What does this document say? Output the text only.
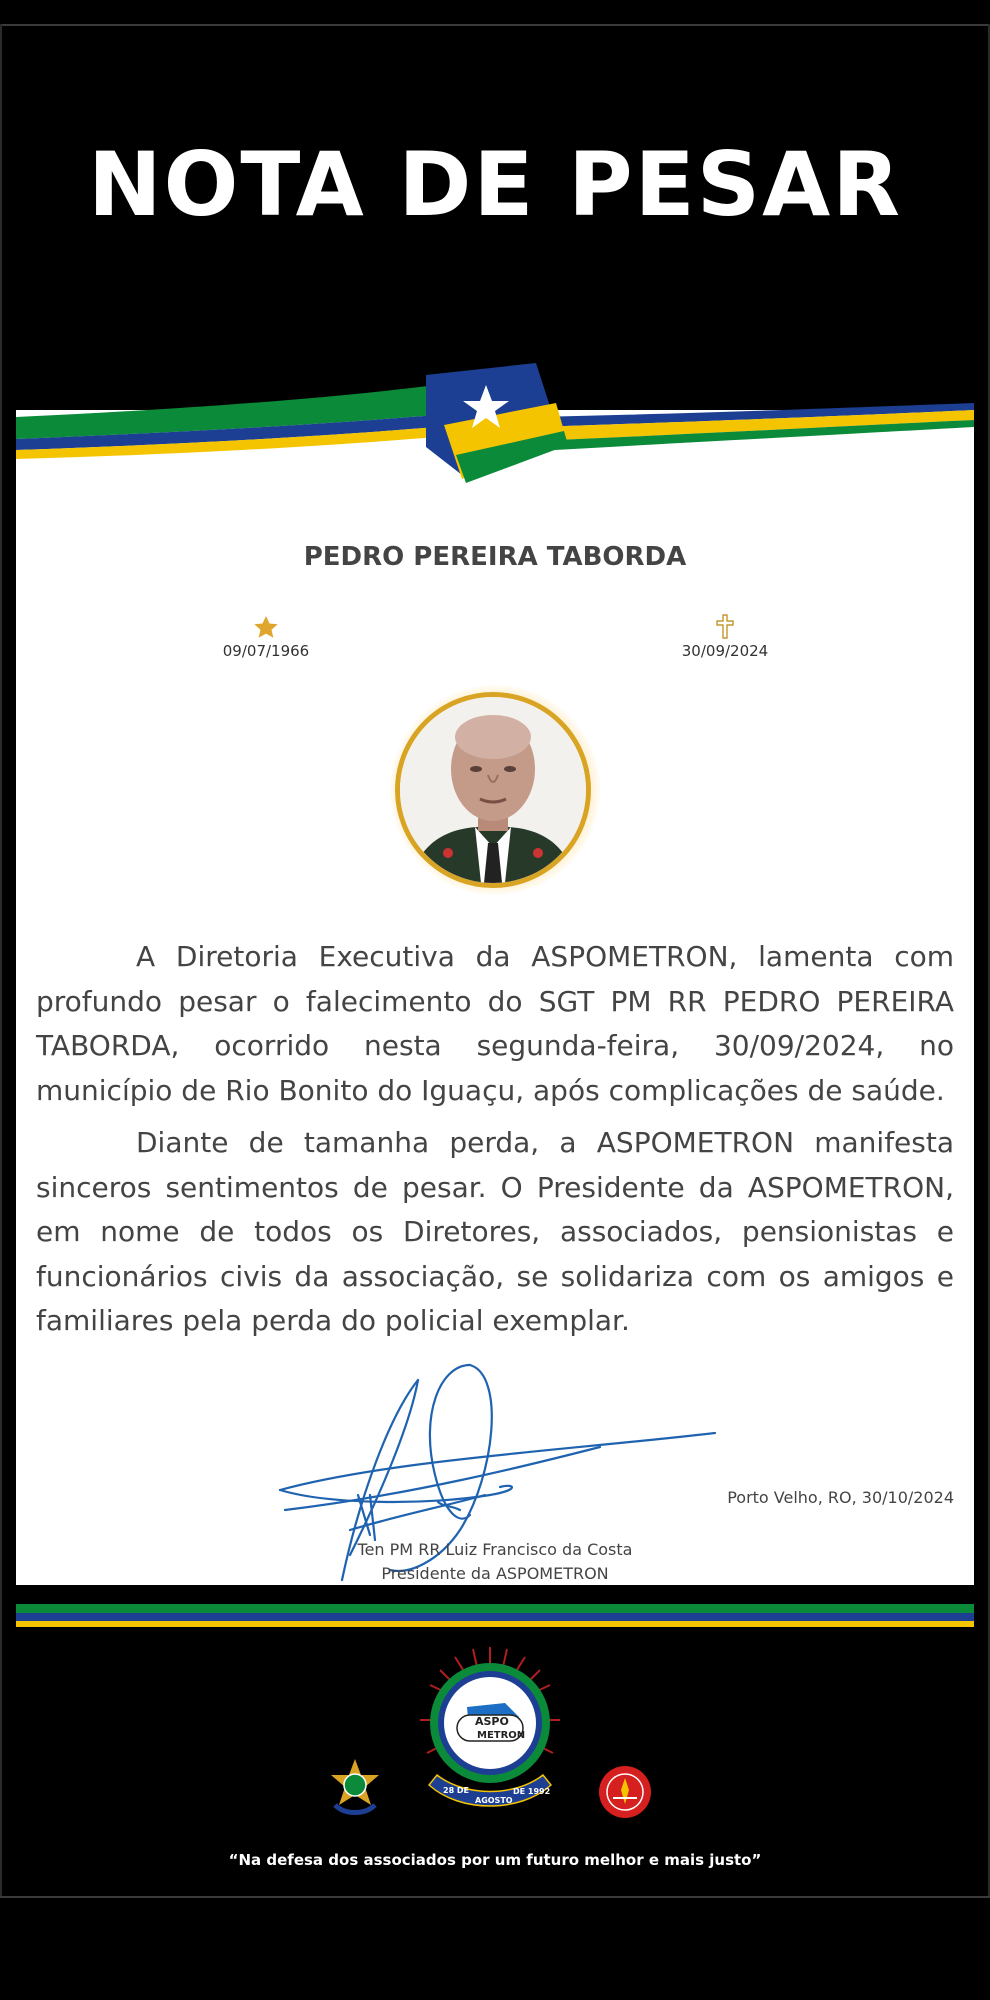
NOTA DE PESAR
PEDRO PEREIRA TABORDA
09/07/1966	30/09/2024

A Diretoria Executiva da ASPOMETRON, lamenta com profundo pesar o falecimento do SGT PM RR PEDRO PEREIRA TABORDA, ocorrido nesta segunda-feira, 30/09/2024, no município de Rio Bonito do Iguaçu, após complicações de saúde.

Diante de tamanha perda, a ASPOMETRON manifesta sinceros sentimentos de pesar. O Presidente da ASPOMETRON, em nome de todos os Diretores, associados, pensionistas e funcionários civis da associação, se solidariza com os amigos e familiares pela perda do policial exemplar.

Porto Velho, RO, 30/10/2024
Ten PM RR Luiz Francisco da Costa
Presidente da ASPOMETRON
ASPO
METRON
28 DE
AGOSTO
DE 1992
“Na defesa dos associados por um futuro melhor e mais justo”
